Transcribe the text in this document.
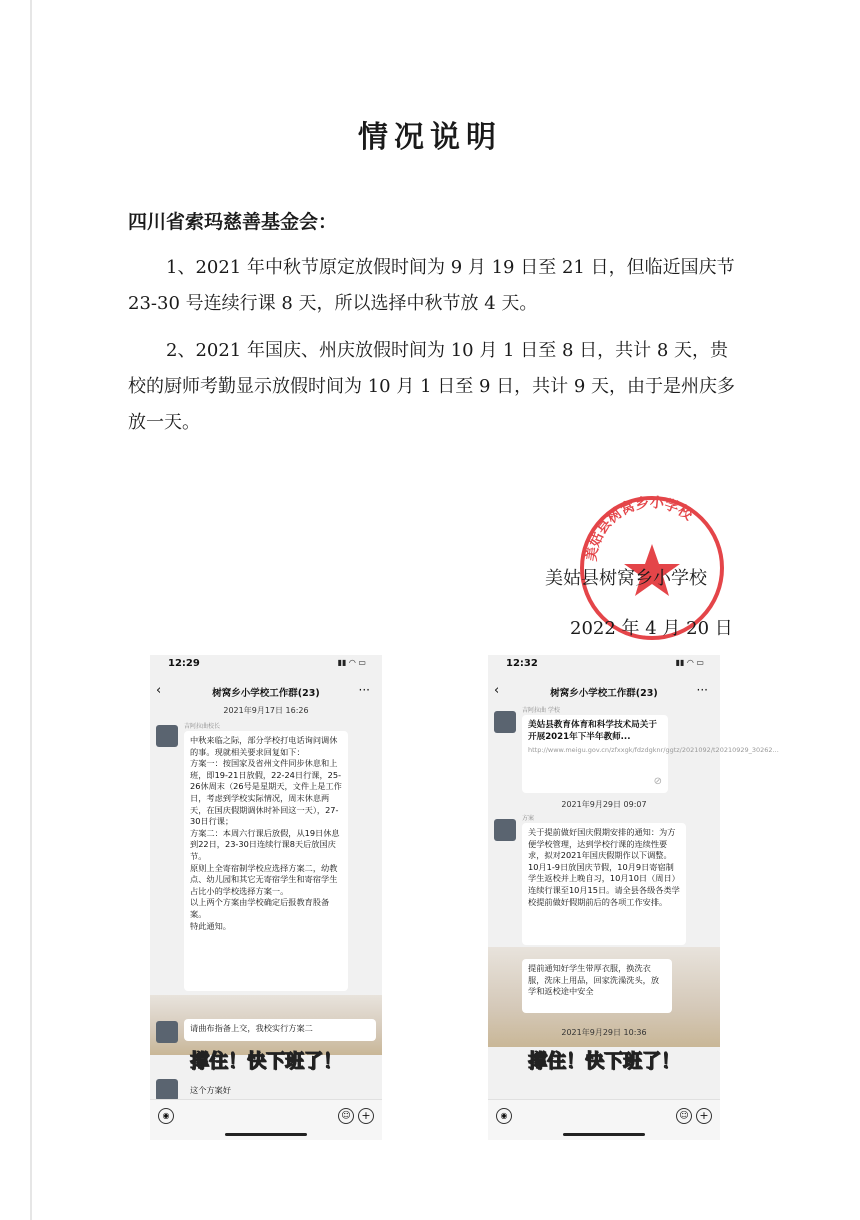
情况说明
四川省索玛慈善基金会：

1、2021 年中秋节原定放假时间为 9 月 19 日至 21 日，但临近国庆节 23-30 号连续行课 8 天，所以选择中秋节放 4 天。

2、2021 年国庆、州庆放假时间为 10 月 1 日至 8 日，共计 8 天，贵校的厨师考勤显示放假时间为 10 月 1 日至 9 日，共计 9 天，由于是州庆多放一天。

美姑县树窝乡小学校
美姑县树窝乡小学校
2022 年 4 月 20 日
12:29	▮▮ ◠ ▭
‹	树窝乡小学校工作群(23)	···
2021年9月17日 16:26
吉阿拉曲校长
中秋来临之际，部分学校打电话询问调休的事。现就相关要求回复如下：
方案一：按国家及省州文件同步休息和上班，即19-21日放假，22-24日行课，25-26休周末（26号是星期天，文件上是工作日，考虑到学校实际情况，周末休息两天，在国庆假期调休时补回这一天），27-30日行课；
方案二：本周六行课后放假，从19日休息到22日，23-30日连续行课8天后放国庆节。
原则上全寄宿制学校应选择方案二，幼教点、幼儿园和其它无寄宿学生和寄宿学生占比小的学校选择方案一。
以上两个方案由学校确定后报教育股备案。
特此通知。
请曲布指备上交，我校实行方案二
撑住！快下班了！
这个方案好
◉	☺ +
12:32	▮▮ ◠ ▭
‹	树窝乡小学校工作群(23)	···
吉阿拉曲 学校
美姑县教育体育和科学技术局关于开展2021年下半年教师...
http://www.meigu.gov.cn/zfxxgk/fdzdgknr/ggtz/2021092/t20210929_30262...
⊘
2021年9月29日 09:07
方案
关于提前做好国庆假期安排的通知：为方便学校管理，达到学校行课的连续性要求，拟对2021年国庆假期作以下调整。
10月1-9日放国庆节假，10月9日寄宿制学生返校并上晚自习，10月10日（周日）连续行课至10月15日。请全县各级各类学校提前做好假期前后的各项工作安排。
提前通知好学生带厚衣服，换洗衣服，洗床上用品，回家洗澡洗头，放学和返校途中安全
2021年9月29日 10:36
撑住！快下班了！
◉	☺ +
